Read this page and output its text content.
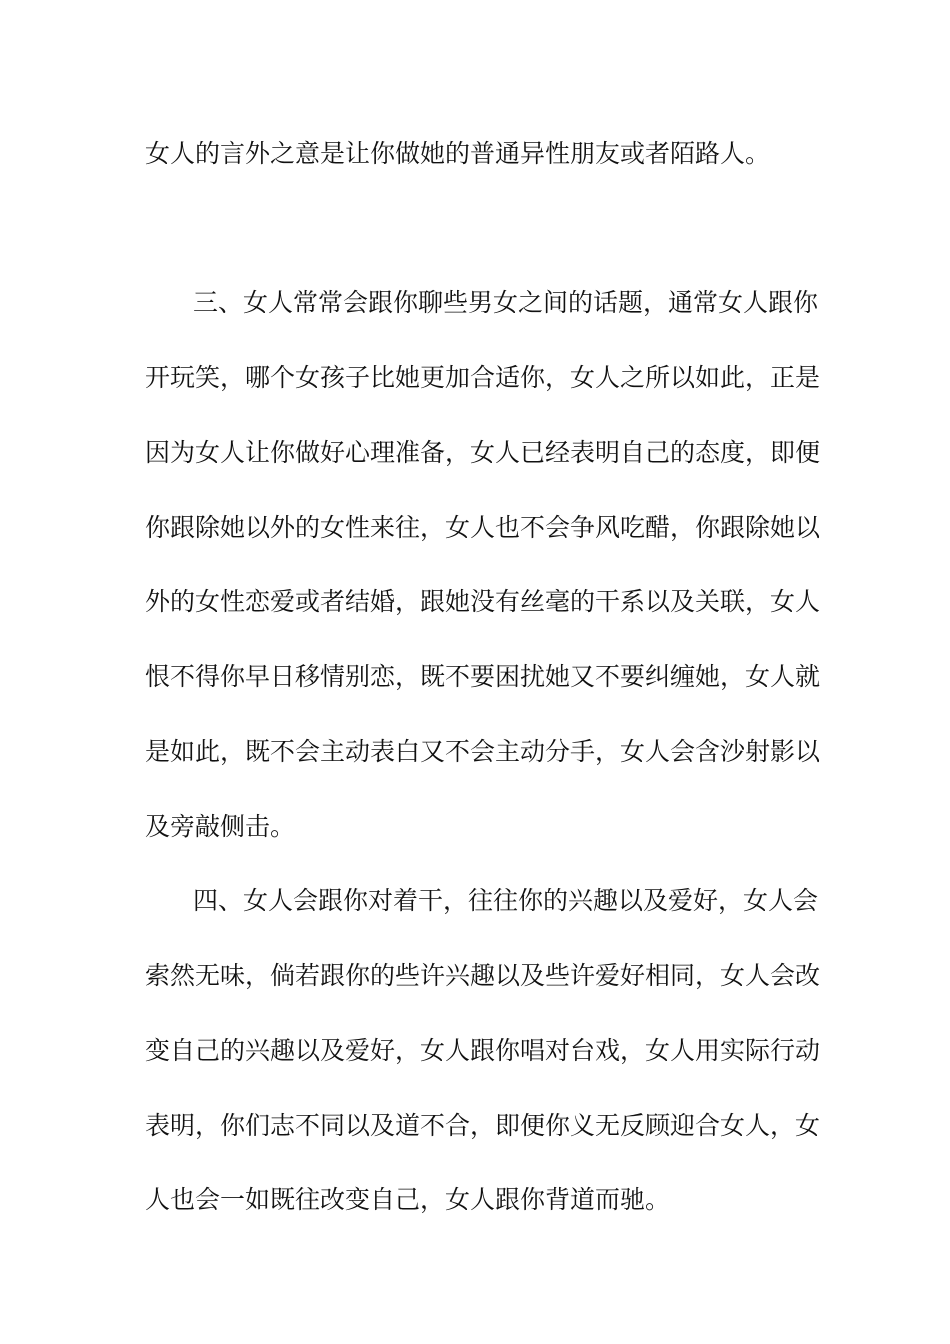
女人的言外之意是让你做她的普通异性朋友或者陌路人。

三、女人常常会跟你聊些男女之间的话题，通常女人跟你

开玩笑，哪个女孩子比她更加合适你，女人之所以如此，正是

因为女人让你做好心理准备，女人已经表明自己的态度，即便

你跟除她以外的女性来往，女人也不会争风吃醋，你跟除她以

外的女性恋爱或者结婚，跟她没有丝毫的干系以及关联，女人

恨不得你早日移情别恋，既不要困扰她又不要纠缠她，女人就

是如此，既不会主动表白又不会主动分手，女人会含沙射影以

及旁敲侧击。

四、女人会跟你对着干，往往你的兴趣以及爱好，女人会

索然无味，倘若跟你的些许兴趣以及些许爱好相同，女人会改

变自己的兴趣以及爱好，女人跟你唱对台戏，女人用实际行动

表明，你们志不同以及道不合，即便你义无反顾迎合女人，女

人也会一如既往改变自己，女人跟你背道而驰。
